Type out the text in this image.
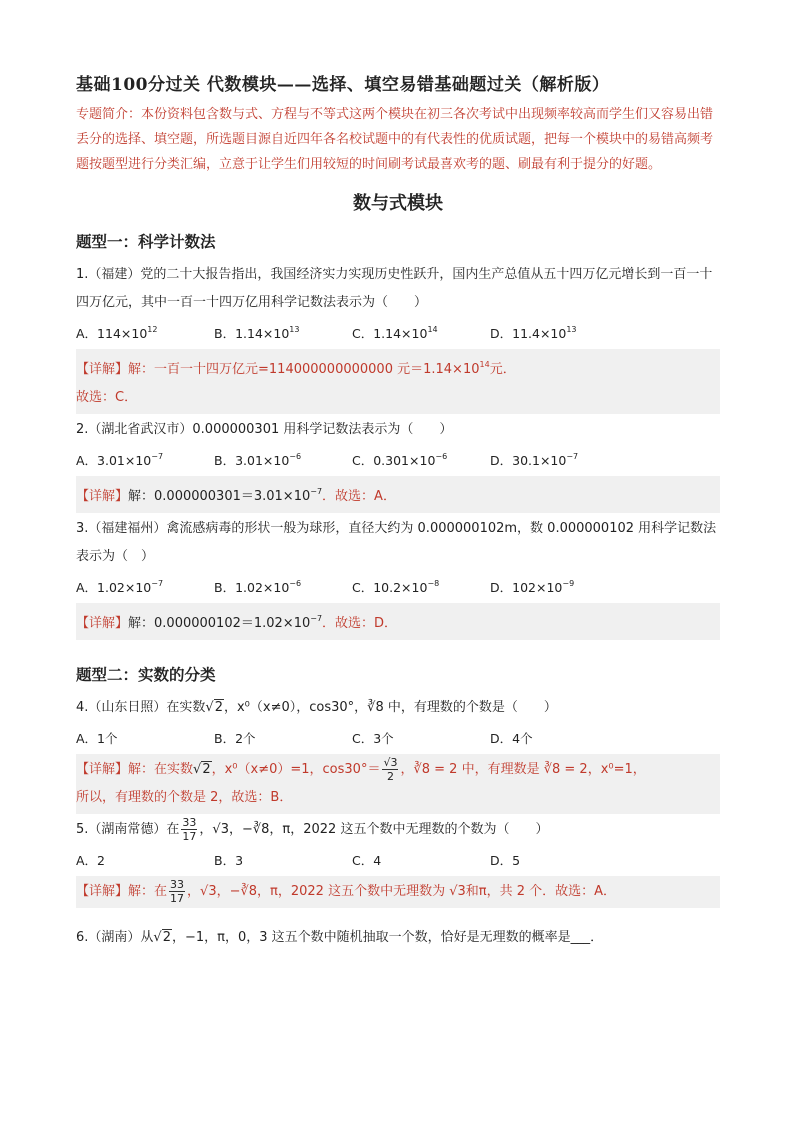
基础100分过关 代数模块——选择、填空易错基础题过关（解析版）
专题简介：本份资料包含数与式、方程与不等式这两个模块在初三各次考试中出现频率较高而学生们又容易出错丢分的选择、填空题，所选题目源自近四年各名校试题中的有代表性的优质试题，把每一个模块中的易错高频考题按题型进行分类汇编，立意于让学生们用较短的时间刷考试最喜欢考的题、刷最有利于提分的好题。
数与式模块
题型一：科学计数法
1.（福建）党的二十大报告指出，我国经济实力实现历史性跃升，国内生产总值从五十四万亿元增长到一百一十四万亿元，其中一百一十四万亿用科学记数法表示为（　　）
A．$114\times 10^{12}$	B．$1.14\times 10^{13}$	C．$1.14\times 10^{14}$	D．$11.4\times 10^{13}$
【详解】解：一百一十四万亿元=114000000000000 元$=1.14\times 10^{14}$元．
故选：C．
2.（湖北省武汉市）0.000000301 用科学记数法表示为（　　）
A．$3.01\times 10^{-7}$	B．$3.01\times 10^{-6}$	C．$0.301\times 10^{-6}$	D．$30.1\times 10^{-7}$
【详解】解：$0.000000301=3.01\times 10^{-7}$．故选：A．
3.（福建福州）禽流感病毒的形状一般为球形，直径大约为 0.000000102m，数 0.000000102 用科学记数法表示为（　）
A．$1.02\times 10^{-7}$	B．$1.02\times 10^{-6}$	C．$10.2\times 10^{-8}$	D．$102\times 10^{-9}$
【详解】解：$0.000000102=1.02\times 10^{-7}$．故选：D．
题型二：实数的分类
4.（山东日照）在实数√2，x⁰（x≠0），cos30°，∛8 中，有理数的个数是（　　）
A．1个	B．2个	C．3个	D．4个
【详解】解：在实数√2，x⁰（x≠0）=1，$\cos 30^\circ= \frac{√3}{2}$ ，∛8 = 2 中，有理数是 ∛8 = 2，x⁰=1，
所以，有理数的个数是 2，故选：B．
5.（湖南常德）在 $\frac{33}{17}$ ，√3，−∛8，π，2022 这五个数中无理数的个数为（　　）
A．2	B．3	C．4	D．5
【详解】解：在 $\frac{33}{17}$ ，√3，−∛8，π，2022 这五个数中无理数为 √3和π，共 2 个．故选：A．
6.（湖南）从√2，−1，π，0，3 这五个数中随机抽取一个数，恰好是无理数的概率是___．
